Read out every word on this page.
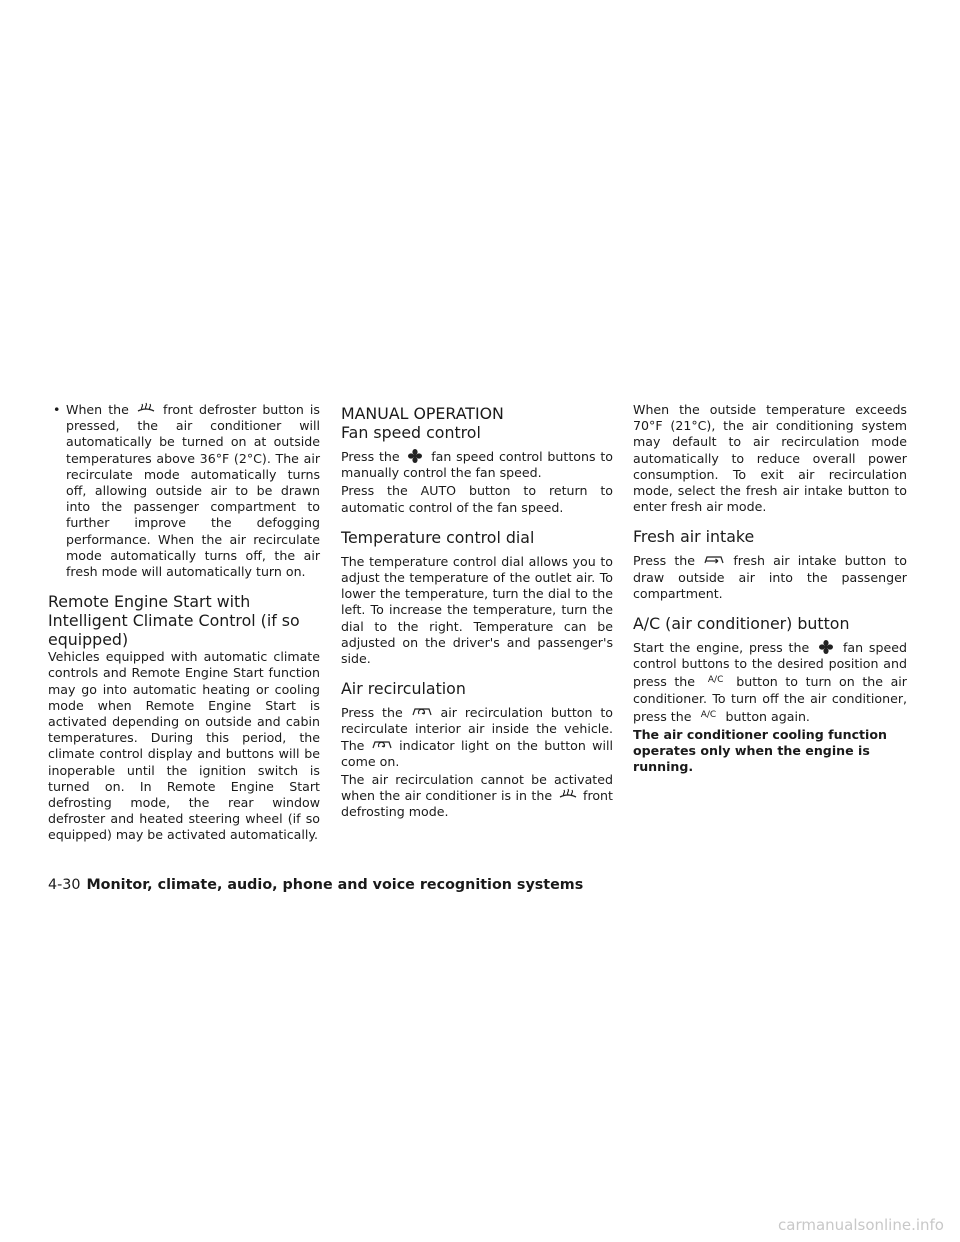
• When the	front defroster button is pressed, the air conditioner will automatically be turned on at outside temperatures above 36°F (2°C). The air recirculate mode automatically turns off, allowing outside air to be drawn into the passenger compartment to further improve the defogging performance. When the air recirculate mode automatically turns off, the air fresh mode will automatically turn on.
Remote Engine Start with
Intelligent Climate Control (if so
equipped)

Vehicles equipped with automatic climate controls and Remote Engine Start function may go into automatic heating or cooling mode when Remote Engine Start is activated depending on outside and cabin temperatures. During this period, the climate control display and buttons will be inoperable until the ignition switch is turned on. In Remote Engine Start defrosting mode, the rear window defroster and heated steering wheel (if so equipped) may be activated automatically.

MANUAL OPERATION
Fan speed control

Press the	fan speed control buttons to manually control the fan speed.

Press the AUTO button to return to automatic control of the fan speed.

Temperature control dial

The temperature control dial allows you to adjust the temperature of the outlet air. To lower the temperature, turn the dial to the left. To increase the temperature, turn the dial to the right. Temperature can be adjusted on the driver's and passenger's side.

Air recirculation

Press the	air recirculation button to recirculate interior air inside the vehicle. The	indicator light on the button will come on.

The air recirculation cannot be activated when the air conditioner is in the front defrosting mode.

When the outside temperature exceeds 70°F (21°C), the air conditioning system may default to air recirculation mode automatically to reduce overall power consumption. To exit air recirculation mode, select the fresh air intake button to enter fresh air mode.

Fresh air intake

Press the	fresh air intake button to draw outside air into the passenger compartment.

A/C (air conditioner) button

Start the engine, press the	fan speed control buttons to the desired position and press the A/C button to turn on the air conditioner. To turn off the air conditioner, press the A/C button again.

The air conditioner cooling function operates only when the engine is running.

4-30 Monitor, climate, audio, phone and voice recognition systems
carmanualsonline.info
